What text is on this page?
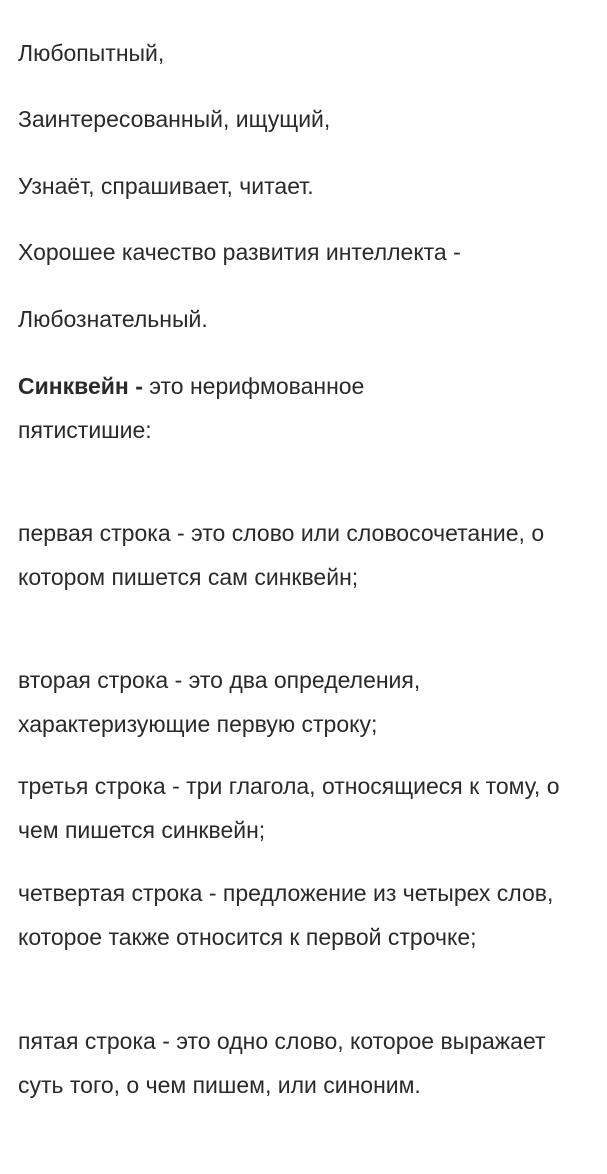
Любопытный,
Заинтересованный, ищущий,
Узнаёт, спрашивает, читает.
Хорошее качество развития интеллекта -
Любознательный.
Синквейн - это нерифмованное пятистишие:
первая строка - это слово или словосочетание, о котором пишется сам синквейн;
вторая строка - это два определения, характеризующие первую строку;
третья строка - три глагола, относящиеся к тому, о чем пишется синквейн;
четвертая строка - предложение из четырех слов, которое также относится к первой строчке;
пятая строка - это одно слово, которое выражает суть того, о чем пишем, или синоним.
